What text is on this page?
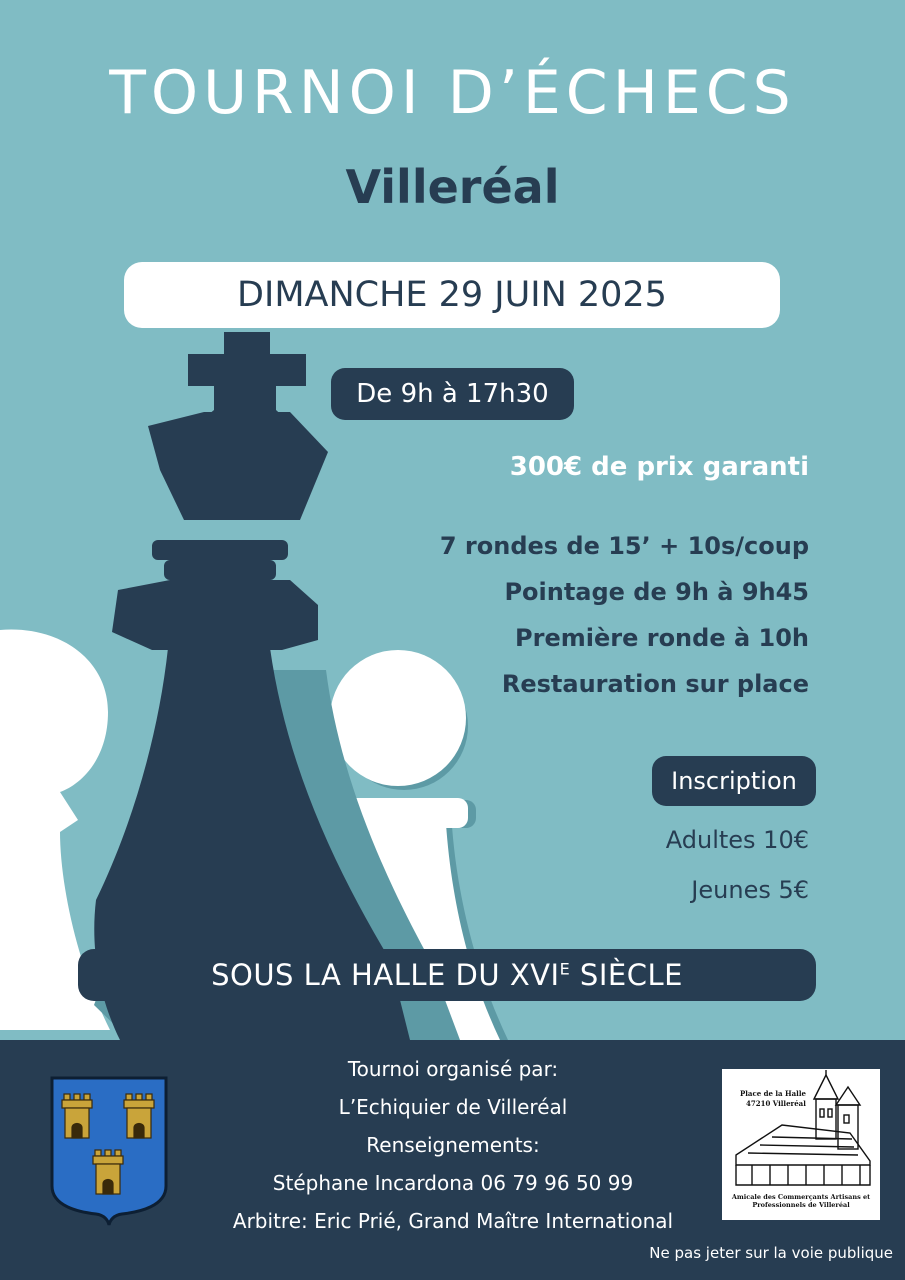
TOURNOI D’ÉCHECS
Villeréal
DIMANCHE 29 JUIN 2025
De 9h à 17h30
300€ de prix garanti
7 rondes de 15’ + 10s/coup
Pointage de 9h à 9h45
Première ronde à 10h
Restauration sur place
Inscription
Adultes 10€
Jeunes 5€
SOUS LA HALLE DU $XVI^E$ SIÈCLE
Tournoi organisé par:
L’Echiquier de Villeréal
Renseignements:
Stéphane Incardona 06 79 96 50 99
Arbitre: Eric Prié, Grand Maître International
Place de la Halle
47210 Villeréal
Amicale des Commerçants Artisans et Professionnels de Villeréal
Ne pas jeter sur la voie publique
